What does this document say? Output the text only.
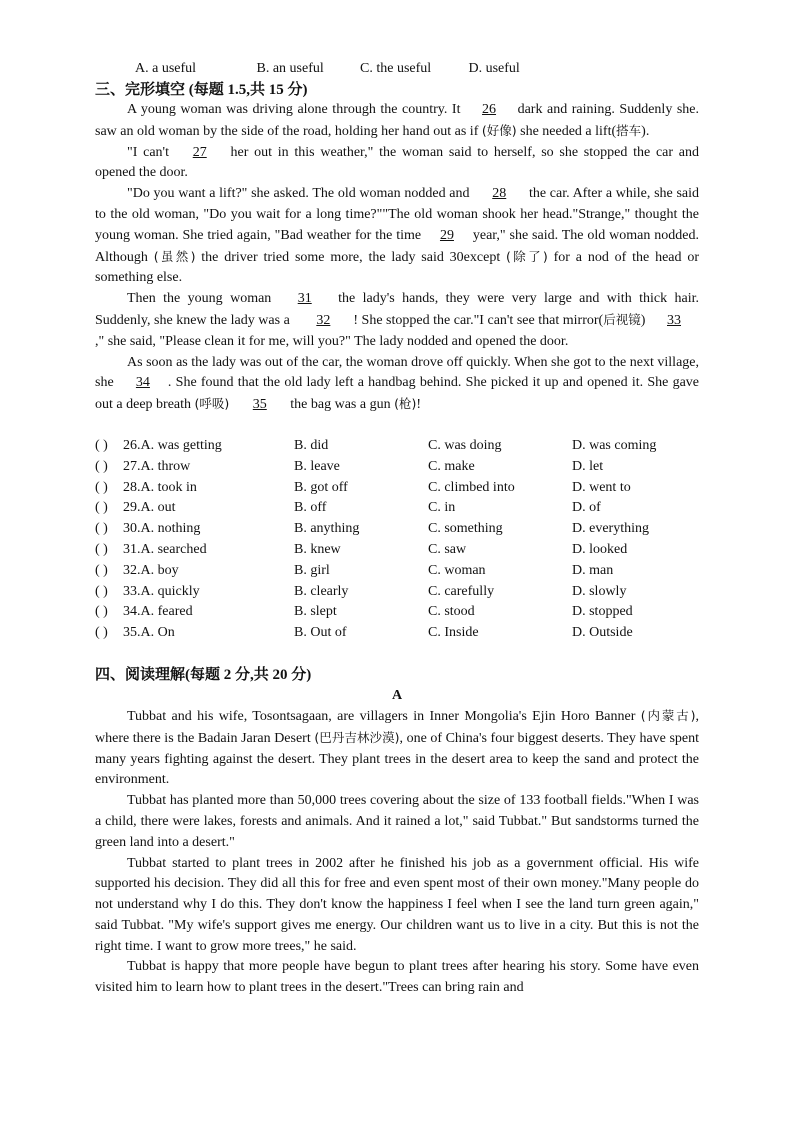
A. a useful	B. an useful	C. the useful	D. useful
三、完形填空 (每题 1.5,共 15 分)

A young woman was driving alone through the country. It 26 dark and raining. Suddenly she. saw an old woman by the side of the road, holding her hand out as if (好像) she needed a lift(搭车).

"I can't 27 her out in this weather," the woman said to herself, so she stopped the car and opened the door.

"Do you want a lift?" she asked. The old woman nodded and 28 the car. After a while, she said to the old woman, "Do you wait for a long time?""The old woman shook her head."Strange," thought the young woman. She tried again, "Bad weather for the time 29 year," she said. The old woman nodded. Although (虽然) the driver tried some more, the lady said 30except (除了) for a nod of the head or something else.

Then the young woman 31 the lady's hands, they were very large and with thick hair. Suddenly, she knew the lady was a 32 ! She stopped the car."I can't see that mirror(后视镜) 33," she said, "Please clean it for me, will you?" The lady nodded and opened the door.

As soon as the lady was out of the car, the woman drove off quickly. When she got to the next village, she 34 . She found that the old lady left a handbag behind. She picked it up and opened it. She gave out a deep breath (呼吸) 35 the bag was a gun (枪)!

( ) 26.A. was getting	B. did	C. was doing	D. was coming
( ) 27.A. throw	B. leave	C. make	D. let
( ) 28.A. took in	B. got off	C. climbed into	D. went to
( ) 29.A. out	B. off	C. in	D. of
( ) 30.A. nothing	B. anything	C. something	D. everything
( ) 31.A. searched	B. knew	C. saw	D. looked
( ) 32.A. boy	B. girl	C. woman	D. man
( ) 33.A. quickly	B. clearly	C. carefully	D. slowly
( ) 34.A. feared	B. slept	C. stood	D. stopped
( ) 35.A. On	B. Out of	C. Inside	D. Outside
四、阅读理解(每题 2 分,共 20 分)
A

Tubbat and his wife, Tosontsagaan, are villagers in Inner Mongolia's Ejin Horo Banner (内蒙古), where there is the Badain Jaran Desert (巴丹吉林沙漠), one of China's four biggest deserts. They have spent many years fighting against the desert. They plant trees in the desert area to keep the sand and protect the environment.

Tubbat has planted more than 50,000 trees covering about the size of 133 football fields."When I was a child, there were lakes, forests and animals. And it rained a lot," said Tubbat." But sandstorms turned the green land into a desert."

Tubbat started to plant trees in 2002 after he finished his job as a government official. His wife supported his decision. They did all this for free and even spent most of their own money."Many people do not understand why I do this. They don't know the happiness I feel when I see the land turn green again," said Tubbat. "My wife's support gives me energy. Our children want us to live in a city. But this is not the right time. I want to grow more trees," he said.

Tubbat is happy that more people have begun to plant trees after hearing his story. Some have even visited him to learn how to plant trees in the desert."Trees can bring rain and
